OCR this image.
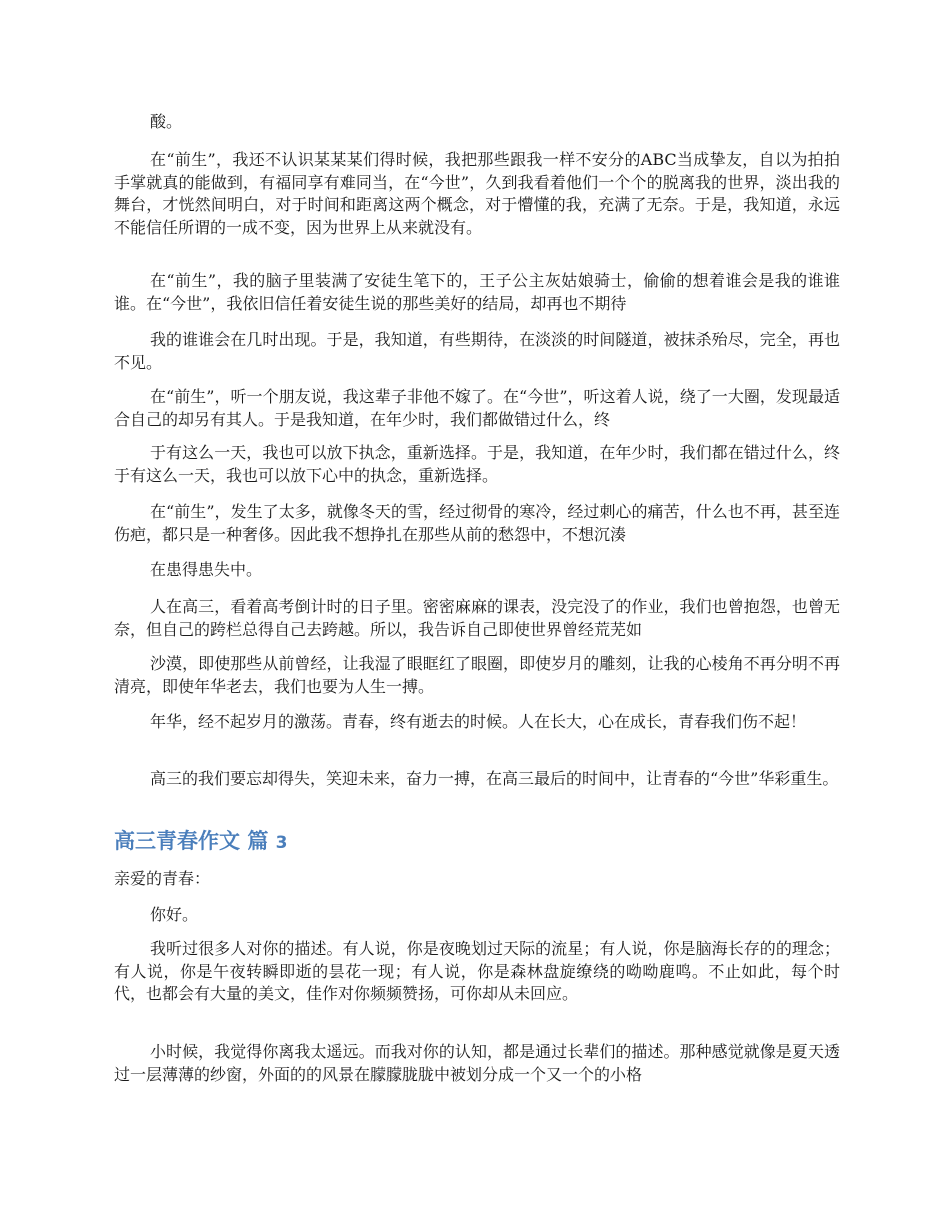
酸。

在“前生”，我还不认识某某某们得时候，我把那些跟我一样不安分的ABC当成挚友，自以为拍拍手掌就真的能做到，有福同享有难同当，在“今世”，久到我看着他们一个个的脱离我的世界，淡出我的舞台，才恍然间明白，对于时间和距离这两个概念，对于懵懂的我，充满了无奈。于是，我知道，永远不能信任所谓的一成不变，因为世界上从来就没有。

在“前生”，我的脑子里装满了安徒生笔下的，王子公主灰姑娘骑士，偷偷的想着谁会是我的谁谁谁。在“今世”，我依旧信任着安徒生说的那些美好的结局，却再也不期待

我的谁谁会在几时出现。于是，我知道，有些期待，在淡淡的时间隧道，被抹杀殆尽，完全，再也不见。

在“前生”，听一个朋友说，我这辈子非他不嫁了。在“今世”，听这着人说，绕了一大圈，发现最适合自己的却另有其人。于是我知道，在年少时，我们都做错过什么，终

于有这么一天，我也可以放下执念，重新选择。于是，我知道，在年少时，我们都在错过什么，终于有这么一天，我也可以放下心中的执念，重新选择。

在“前生”，发生了太多，就像冬天的雪，经过彻骨的寒冷，经过刺心的痛苦，什么也不再，甚至连伤疤，都只是一种奢侈。因此我不想挣扎在那些从前的愁怨中，不想沉湊

在患得患失中。

人在高三，看着高考倒计时的日子里。密密麻麻的课表，没完没了的作业，我们也曾抱怨，也曾无奈，但自己的跨栏总得自己去跨越。所以，我告诉自己即使世界曾经荒芜如

沙漠，即使那些从前曾经，让我湿了眼眶红了眼圈，即使岁月的雕刻，让我的心棱角不再分明不再清亮，即使年华老去，我们也要为人生一搏。

年华，经不起岁月的激荡。青春，终有逝去的时候。人在长大，心在成长，青春我们伤不起！

高三的我们要忘却得失，笑迎未来，奋力一搏，在高三最后的时间中，让青春的“今世”华彩重生。

高三青春作文 篇 3

亲爱的青春：

你好。

我听过很多人对你的描述。有人说，你是夜晚划过天际的流星；有人说，你是脑海长存的的理念；有人说，你是午夜转瞬即逝的昙花一现；有人说，你是森林盘旋缭绕的呦呦鹿鸣。不止如此，每个时代，也都会有大量的美文，佳作对你频频赞扬，可你却从未回应。

小时候，我觉得你离我太遥远。而我对你的认知，都是通过长辈们的描述。那种感觉就像是夏天透过一层薄薄的纱窗，外面的的风景在朦朦胧胧中被划分成一个又一个的小格
